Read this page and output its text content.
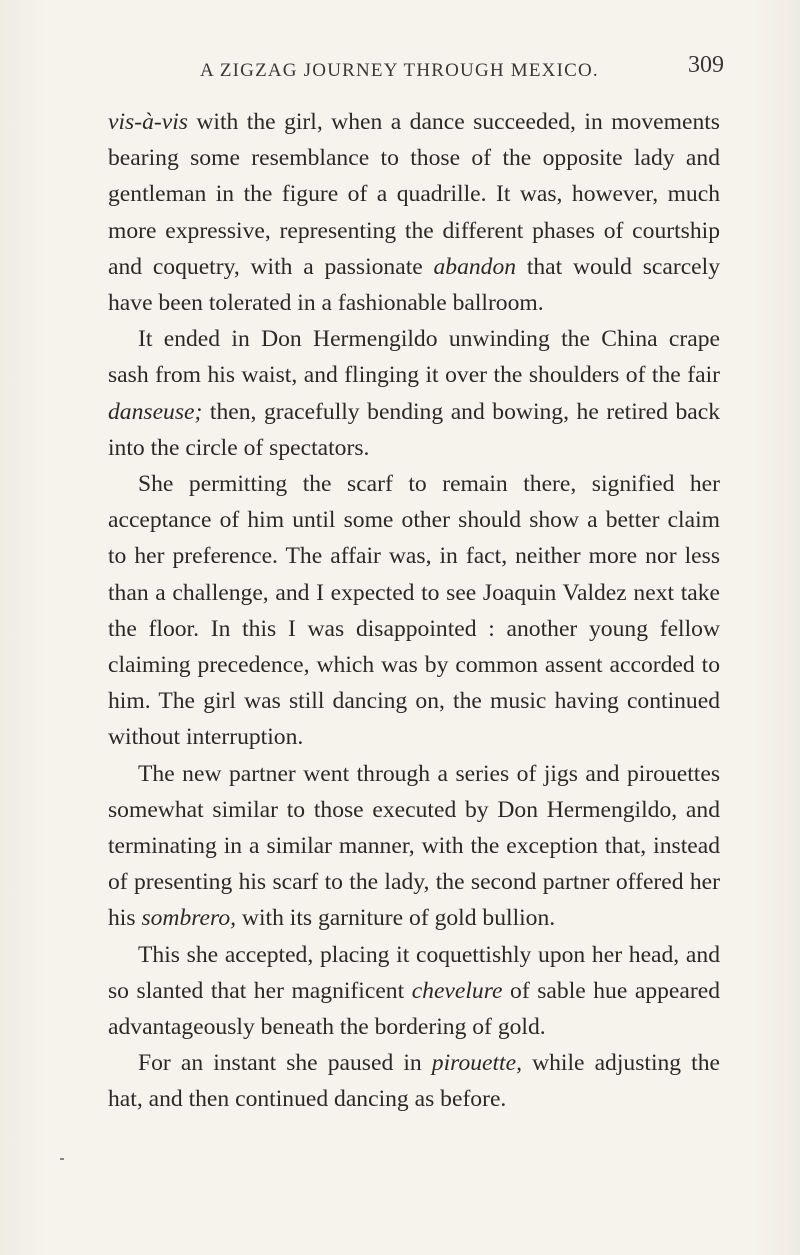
A ZIGZAG JOURNEY THROUGH MEXICO.	309

vis-à-vis with the girl, when a dance succeeded, in movements bearing some resemblance to those of the opposite lady and gentleman in the figure of a quadrille. It was, however, much more expressive, representing the different phases of courtship and coquetry, with a passionate abandon that would scarcely have been tolerated in a fashionable ballroom.

It ended in Don Hermengildo unwinding the China crape sash from his waist, and flinging it over the shoulders of the fair danseuse; then, gracefully bending and bowing, he retired back into the circle of spectators.

She permitting the scarf to remain there, signified her acceptance of him until some other should show a better claim to her preference. The affair was, in fact, neither more nor less than a challenge, and I expected to see Joaquin Valdez next take the floor. In this I was disappointed : another young fellow claiming precedence, which was by common assent accorded to him. The girl was still dancing on, the music having continued without interruption.

The new partner went through a series of jigs and pirouettes somewhat similar to those executed by Don Hermengildo, and terminating in a similar manner, with the exception that, instead of presenting his scarf to the lady, the second partner offered her his sombrero, with its garniture of gold bullion.

This she accepted, placing it coquettishly upon her head, and so slanted that her magnificent chevelure of sable hue appeared advantageously beneath the bordering of gold.

For an instant she paused in pirouette, while adjusting the hat, and then continued dancing as before.
